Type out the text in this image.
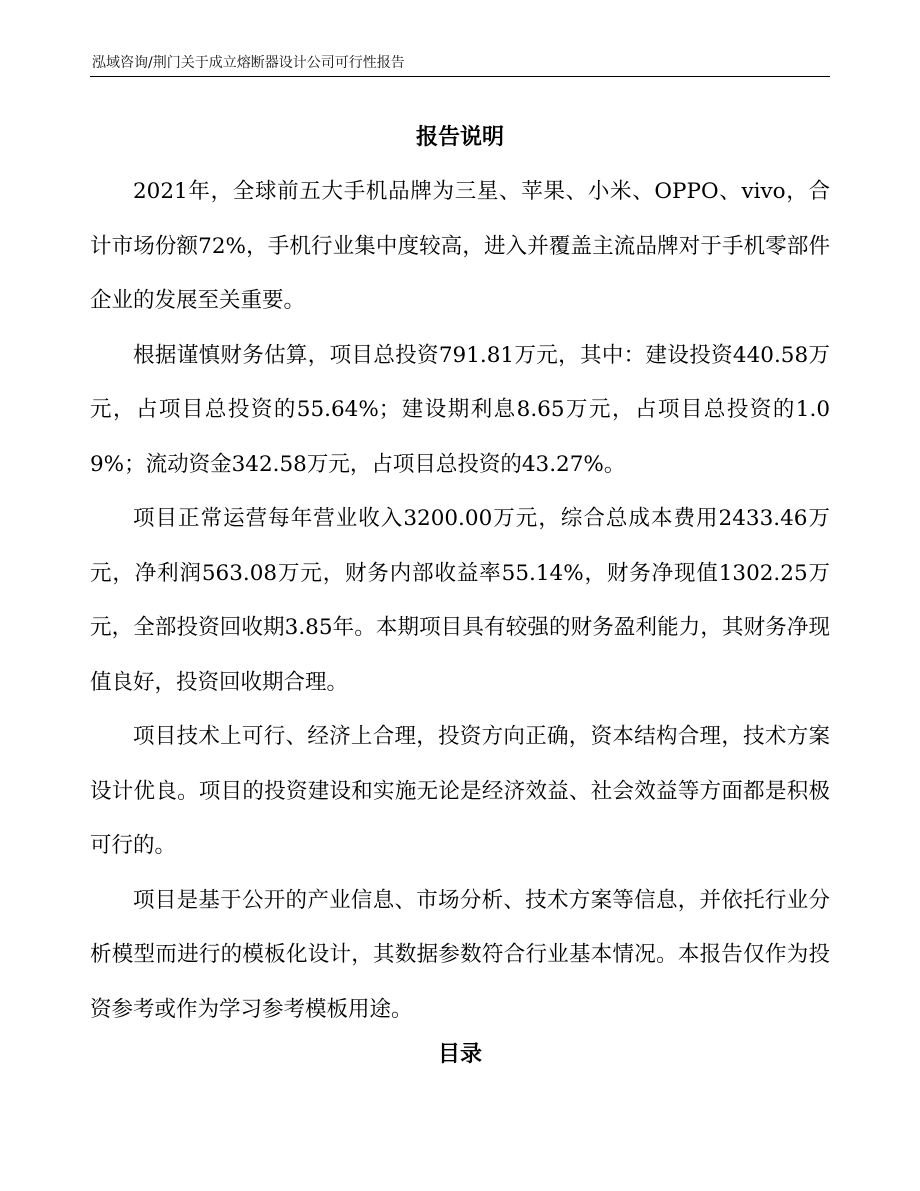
泓域咨询/荆门关于成立熔断器设计公司可行性报告
报告说明

2021年，全球前五大手机品牌为三星、苹果、小米、OPPO、vivo，合计市场份额72%，手机行业集中度较高，进入并覆盖主流品牌对于手机零部件企业的发展至关重要。

根据谨慎财务估算，项目总投资791.81万元，其中：建设投资440.58万元，占项目总投资的55.64%；建设期利息8.65万元，占项目总投资的1.09%；流动资金342.58万元，占项目总投资的43.27%。

项目正常运营每年营业收入3200.00万元，综合总成本费用2433.46万元，净利润563.08万元，财务内部收益率55.14%，财务净现值1302.25万元，全部投资回收期3.85年。本期项目具有较强的财务盈利能力，其财务净现值良好，投资回收期合理。

项目技术上可行、经济上合理，投资方向正确，资本结构合理，技术方案设计优良。项目的投资建设和实施无论是经济效益、社会效益等方面都是积极可行的。

项目是基于公开的产业信息、市场分析、技术方案等信息，并依托行业分析模型而进行的模板化设计，其数据参数符合行业基本情况。本报告仅作为投资参考或作为学习参考模板用途。

目录
